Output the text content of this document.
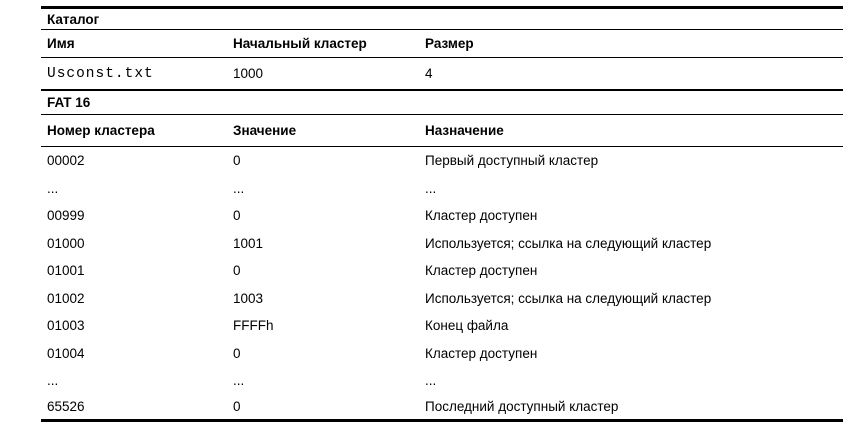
Каталог
Имя	Начальный кластер	Размер
Usconst.txt	1000	4
FAT 16
Номер кластера	Значение	Назначение
00002	0	Первый доступный кластер
...	...	...
00999	0	Кластер доступен
01000	1001	Используется; ссылка на следующий кластер
01001	0	Кластер доступен
01002	1003	Используется; ссылка на следующий кластер
01003	FFFFh	Конец файла
01004	0	Кластер доступен
...	...	...
65526	0	Последний доступный кластер
